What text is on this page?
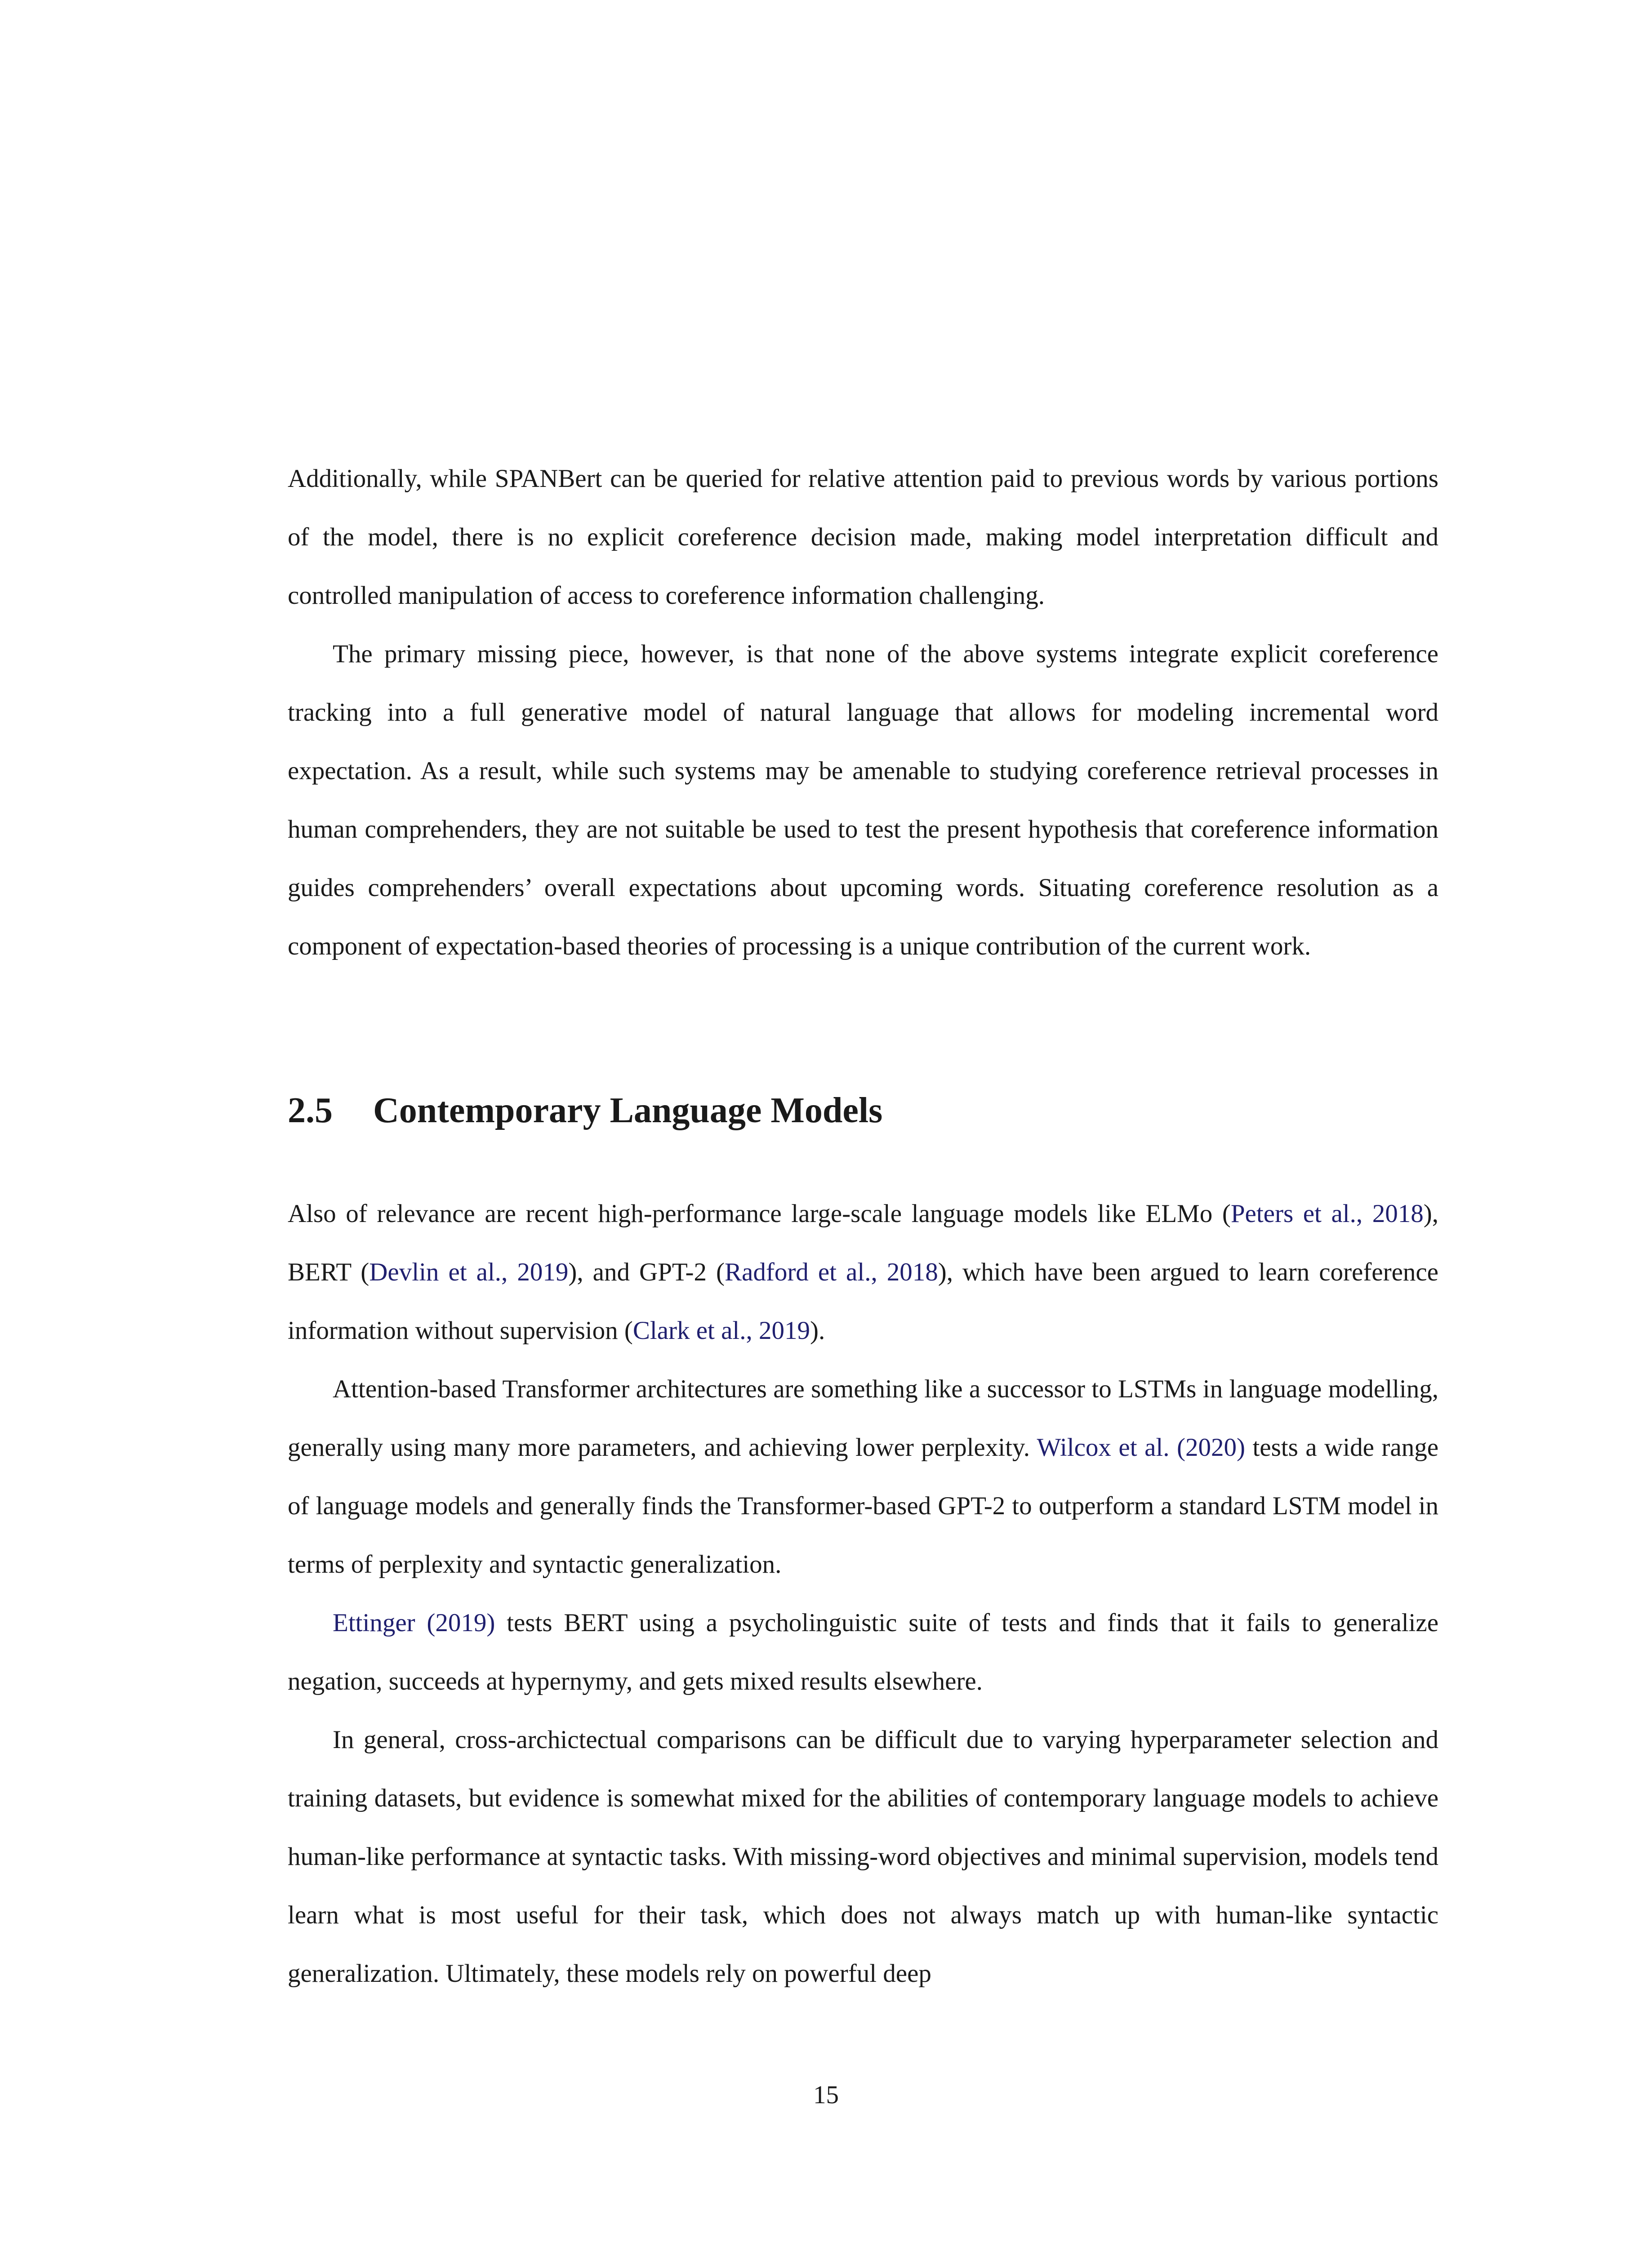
Additionally, while SPANBert can be queried for relative attention paid to previous words by various portions of the model, there is no explicit coreference decision made, making model interpretation difficult and controlled manipulation of access to coreference information challenging.

The primary missing piece, however, is that none of the above systems integrate explicit coreference tracking into a full generative model of natural language that allows for modeling incremental word expectation. As a result, while such systems may be amenable to studying coreference retrieval processes in human comprehenders, they are not suitable be used to test the present hypothesis that coreference information guides comprehenders’ overall expectations about upcoming words. Situating coreference resolution as a component of expectation-based theories of processing is a unique contribution of the current work.

2.5 Contemporary Language Models

Also of relevance are recent high-performance large-scale language models like ELMo (Peters et al., 2018), BERT (Devlin et al., 2019), and GPT-2 (Radford et al., 2018), which have been argued to learn coreference information without supervision (Clark et al., 2019).

Attention-based Transformer architectures are something like a successor to LSTMs in language modelling, generally using many more parameters, and achieving lower perplexity. Wilcox et al. (2020) tests a wide range of language models and generally finds the Transformer-based GPT-2 to outperform a standard LSTM model in terms of perplexity and syntactic generalization.

Ettinger (2019) tests BERT using a psycholinguistic suite of tests and finds that it fails to generalize negation, succeeds at hypernymy, and gets mixed results elsewhere.

In general, cross-archictectual comparisons can be difficult due to varying hyperparameter selection and training datasets, but evidence is somewhat mixed for the abilities of contemporary language models to achieve human-like performance at syntactic tasks. With missing-word objectives and minimal supervision, models tend learn what is most useful for their task, which does not always match up with human-like syntactic generalization. Ultimately, these models rely on powerful deep

15
